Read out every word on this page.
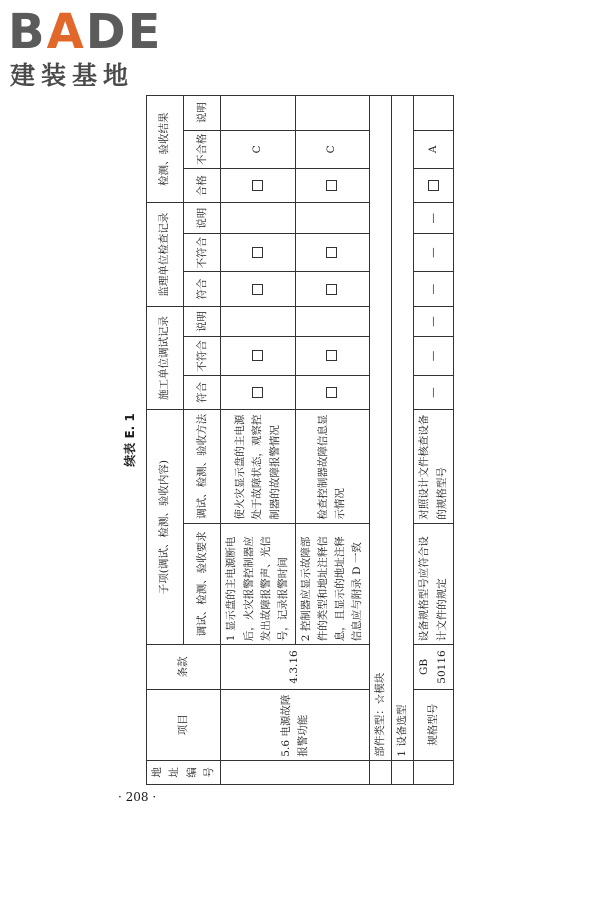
BADE
建装基地
续表 E. 1
地址编号	项目	条款	子项(调试、检测、验收内容)		施工单位调试记录			监理单位检查记录			检测、验收结果		
			调试、检测、验收要求	调试、检测、验收方法	符合	不符合	说明	符合	不符合	说明	合格	不合格	说明
	5.6 电源故障报警功能	4.3.16	1 显示盘的主电源断电后，火灾报警控制器应发出故障报警声、光信号，记录报警时间	使火灾显示盘的主电源处于故障状态，观察控制器的故障报警情况								C	
			2 控制器应显示故障部件的类型和地址注释信息，且显示的地址注释信息应与附录 D 一致	检查控制器故障信息显示情况								C	
	部件类型：☆模块												
	1 设备选型												
	规格型号	GB 50116	设备规格型号应符合设计文件的规定	对照设计文件核查设备的规格型号	—	—	—	—	—	—		A	
· 208 ·
